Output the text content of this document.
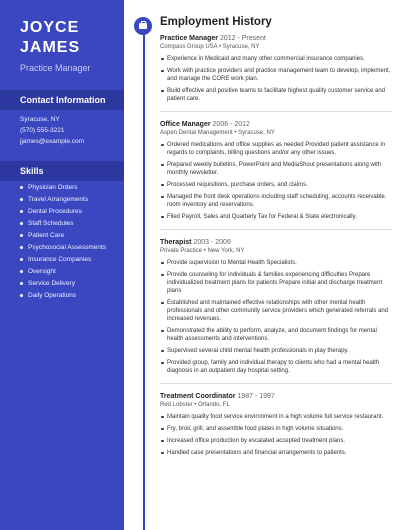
JOYCE
JAMES
Practice Manager
Contact Information
Syracuse, NY
(570) 555-3221
jjames@example.com
Skills
Physician Orders
Travel Arrangements
Dental Procedures
Staff Schedules
Patient Care
Psychosocial Assessments
Insurance Companies
Oversight
Service Delivery
Daily Operations
Employment History
Practice Manager 2012 - Present
Compass Group USA • Syracuse, NY
Experience in Medicaid and many other commercial insurance companies.
Work with practice providers and practice management team to develop, implement, and manage the CORE work plan.
Build effective and positive teams to facilitate highest quality customer service and patient care.
Office Manager 2006 - 2012
Aspen Dental Management • Syracuse, NY
Ordered medications and office supplies as needed Provided patient assistance in regards to complaints, billing questions and/or any other issues.
Prepared weekly bulletins, PowerPoint and MediaShout presentations along with monthly newsletter.
Processed requisitions, purchase orders, and claims.
Managed the front desk operations including staff scheduling, accounts receivable, room inventory and reservations.
Filed Payroll, Sales and Quarterly Tax for Federal & State electronically.
Therapist 2003 - 2006
Private Practice • New York, NY
Provide supervision to Mental Health Specialists.
Provide counseling for individuals & families experiencing difficulties Prepare individualized treatment plans for patients Prepare initial and discharge treatment plans
Established and maintained effective relationships with other mental health professionals and other community service providers which generated referrals and increased revenues.
Demonstrated the ability to perform, analyze, and document findings for mental health assessments and interventions.
Supervised several child mental health professionals in play therapy.
Provided group, family and individual therapy to clients who had a mental health diagnosis in an outpatient day hospital setting.
Treatment Coordinator 1987 - 1997
Red Lobster • Orlando, FL
Maintain quality food service environment in a high volume full service restaurant.
Fry, broil, grill, and assemble food plates in high volume situations.
Increased office production by escalated accepted treatment plans.
Handled case presentations and financial arrangements to patients.
